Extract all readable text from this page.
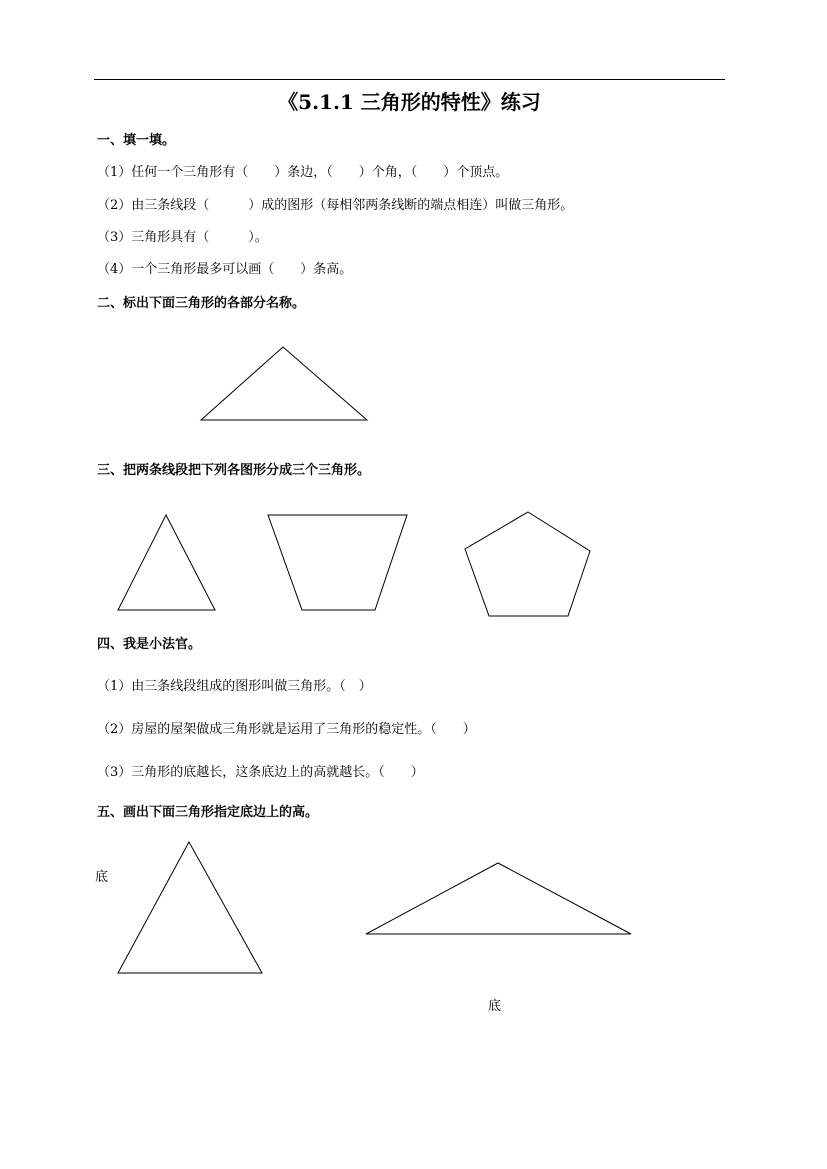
《5.1.1 三角形的特性》练习
一、填一填。
（1）任何一个三角形有（　　）条边，（　　）个角，（　　）个顶点。
（2）由三条线段（　　　）成的图形（每相邻两条线断的端点相连）叫做三角形。
（3）三角形具有（　　　）。
（4）一个三角形最多可以画（　　）条高。
二、标出下面三角形的各部分名称。
三、把两条线段把下列各图形分成三个三角形。
四、我是小法官。
（1）由三条线段组成的图形叫做三角形。（　）
（2）房屋的屋架做成三角形就是运用了三角形的稳定性。（　　）
（3）三角形的底越长，这条底边上的高就越长。（　　）
五、画出下面三角形指定底边上的高。
底
底
